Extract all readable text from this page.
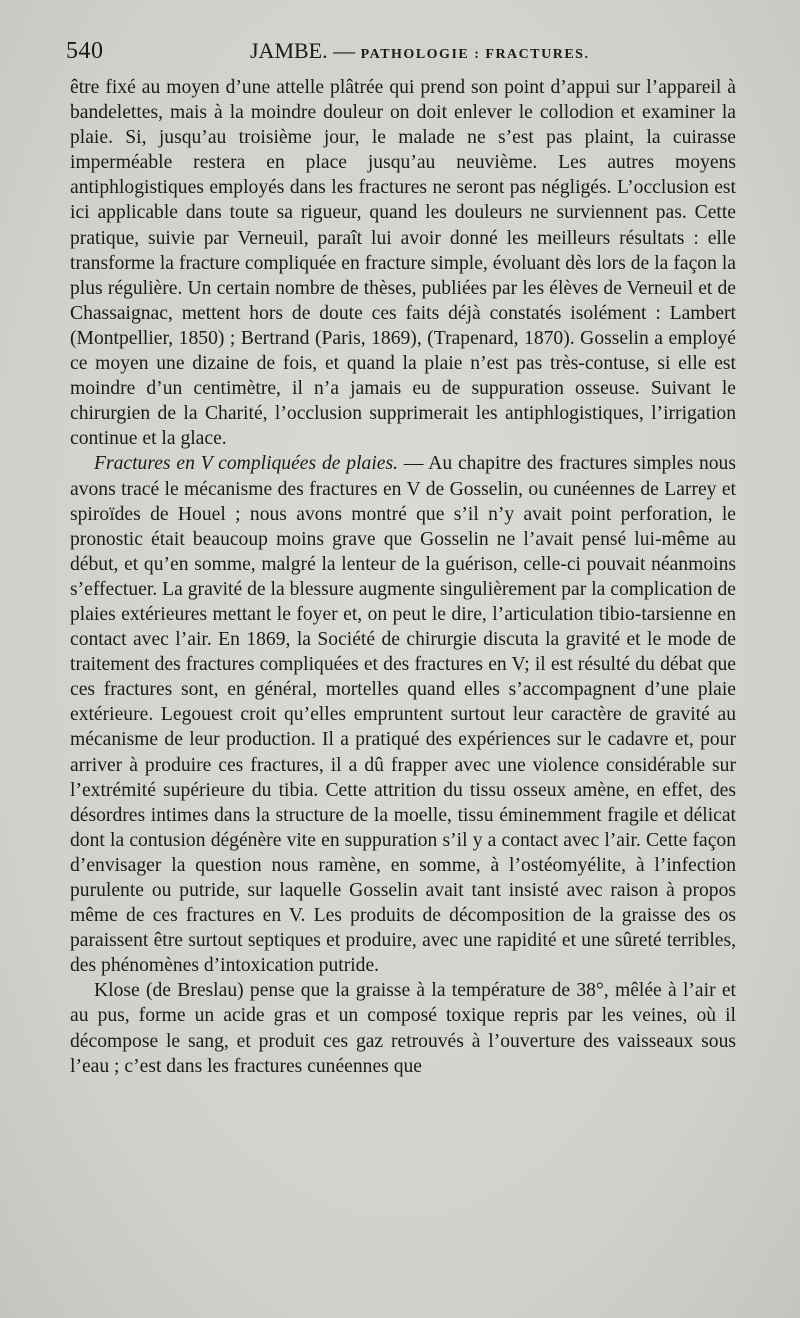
540	JAMBE. — PATHOLOGIE : FRACTURES.

être fixé au moyen d’une attelle plâtrée qui prend son point d’appui sur l’appareil à bandelettes, mais à la moindre douleur on doit enlever le collodion et examiner la plaie. Si, jusqu’au troisième jour, le malade ne s’est pas plaint, la cuirasse imperméable restera en place jusqu’au neuvième. Les autres moyens antiphlogistiques employés dans les fractures ne seront pas négligés. L’occlusion est ici applicable dans toute sa rigueur, quand les douleurs ne surviennent pas. Cette pratique, suivie par Verneuil, paraît lui avoir donné les meilleurs résultats : elle transforme la fracture compliquée en fracture simple, évoluant dès lors de la façon la plus régulière. Un certain nombre de thèses, publiées par les élèves de Verneuil et de Chassaignac, mettent hors de doute ces faits déjà constatés isolément : Lambert (Montpellier, 1850) ; Bertrand (Paris, 1869), (Trapenard, 1870). Gosselin a employé ce moyen une dizaine de fois, et quand la plaie n’est pas très-contuse, si elle est moindre d’un centimètre, il n’a jamais eu de suppuration osseuse. Suivant le chirurgien de la Charité, l’occlusion supprimerait les antiphlogistiques, l’irrigation continue et la glace.

Fractures en V compliquées de plaies. — Au chapitre des fractures simples nous avons tracé le mécanisme des fractures en V de Gosselin, ou cunéennes de Larrey et spiroïdes de Houel ; nous avons montré que s’il n’y avait point perforation, le pronostic était beaucoup moins grave que Gosselin ne l’avait pensé lui-même au début, et qu’en somme, malgré la lenteur de la guérison, celle-ci pouvait néanmoins s’effectuer. La gravité de la blessure augmente singulièrement par la complication de plaies extérieures mettant le foyer et, on peut le dire, l’articulation tibio-tarsienne en contact avec l’air. En 1869, la Société de chirurgie discuta la gravité et le mode de traitement des fractures compliquées et des fractures en V; il est résulté du débat que ces fractures sont, en général, mortelles quand elles s’accompagnent d’une plaie extérieure. Legouest croit qu’elles empruntent surtout leur caractère de gravité au mécanisme de leur production. Il a pratiqué des expériences sur le cadavre et, pour arriver à produire ces fractures, il a dû frapper avec une violence considérable sur l’extrémité supérieure du tibia. Cette attrition du tissu osseux amène, en effet, des désordres intimes dans la structure de la moelle, tissu éminemment fragile et délicat dont la contusion dégénère vite en suppuration s’il y a contact avec l’air. Cette façon d’envisager la question nous ramène, en somme, à l’ostéomyélite, à l’infection purulente ou putride, sur laquelle Gosselin avait tant insisté avec raison à propos même de ces fractures en V. Les produits de décomposition de la graisse des os paraissent être surtout septiques et produire, avec une rapidité et une sûreté terribles, des phénomènes d’intoxication putride.

Klose (de Breslau) pense que la graisse à la température de 38°, mêlée à l’air et au pus, forme un acide gras et un composé toxique repris par les veines, où il décompose le sang, et produit ces gaz retrouvés à l’ouverture des vaisseaux sous l’eau ; c’est dans les fractures cunéennes que
